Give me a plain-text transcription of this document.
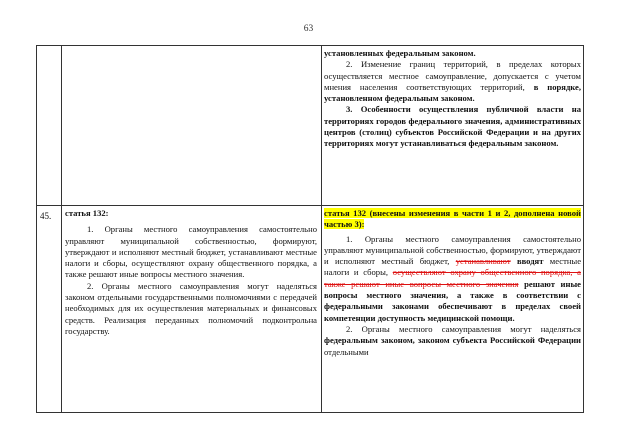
63

установленных федеральным законом.

2. Изменение границ территорий, в пределах которых осуществляется местное самоуправление, допускается с учетом мнения населения соответствующих территорий, в порядке, установленном федеральным законом.

3. Особенности осуществления публичной власти на территориях городов федерального значения, административных центров (столиц) субъектов Российской Федерации и на других территориях могут устанавливаться федеральным законом.

45. статья 132:

1. Органы местного самоуправления самостоятельно управляют муниципальной собственностью, формируют, утверждают и исполняют местный бюджет, устанавливают местные налоги и сборы, осуществляют охрану общественного порядка, а также решают иные вопросы местного значения.

2. Органы местного самоуправления могут наделяться законом отдельными государственными полномочиями с передачей необходимых для их осуществления материальных и финансовых средств. Реализация переданных полномочий подконтрольна государству.

статья 132 (внесены изменения в части 1 и 2, дополнена новой частью 3):

1. Органы местного самоуправления самостоятельно управляют муниципальной собственностью, формируют, утверждают и исполняют местный бюджет, устанавливают вводят местные налоги и сборы, осуществляют охрану общественного порядка, а также решают иные вопросы местного значения решают иные вопросы местного значения, а также в соответствии с федеральными законами обеспечивают в пределах своей компетенции доступность медицинской помощи.

2. Органы местного самоуправления могут наделяться федеральным законом, законом субъекта Российской Федерации отдельными
